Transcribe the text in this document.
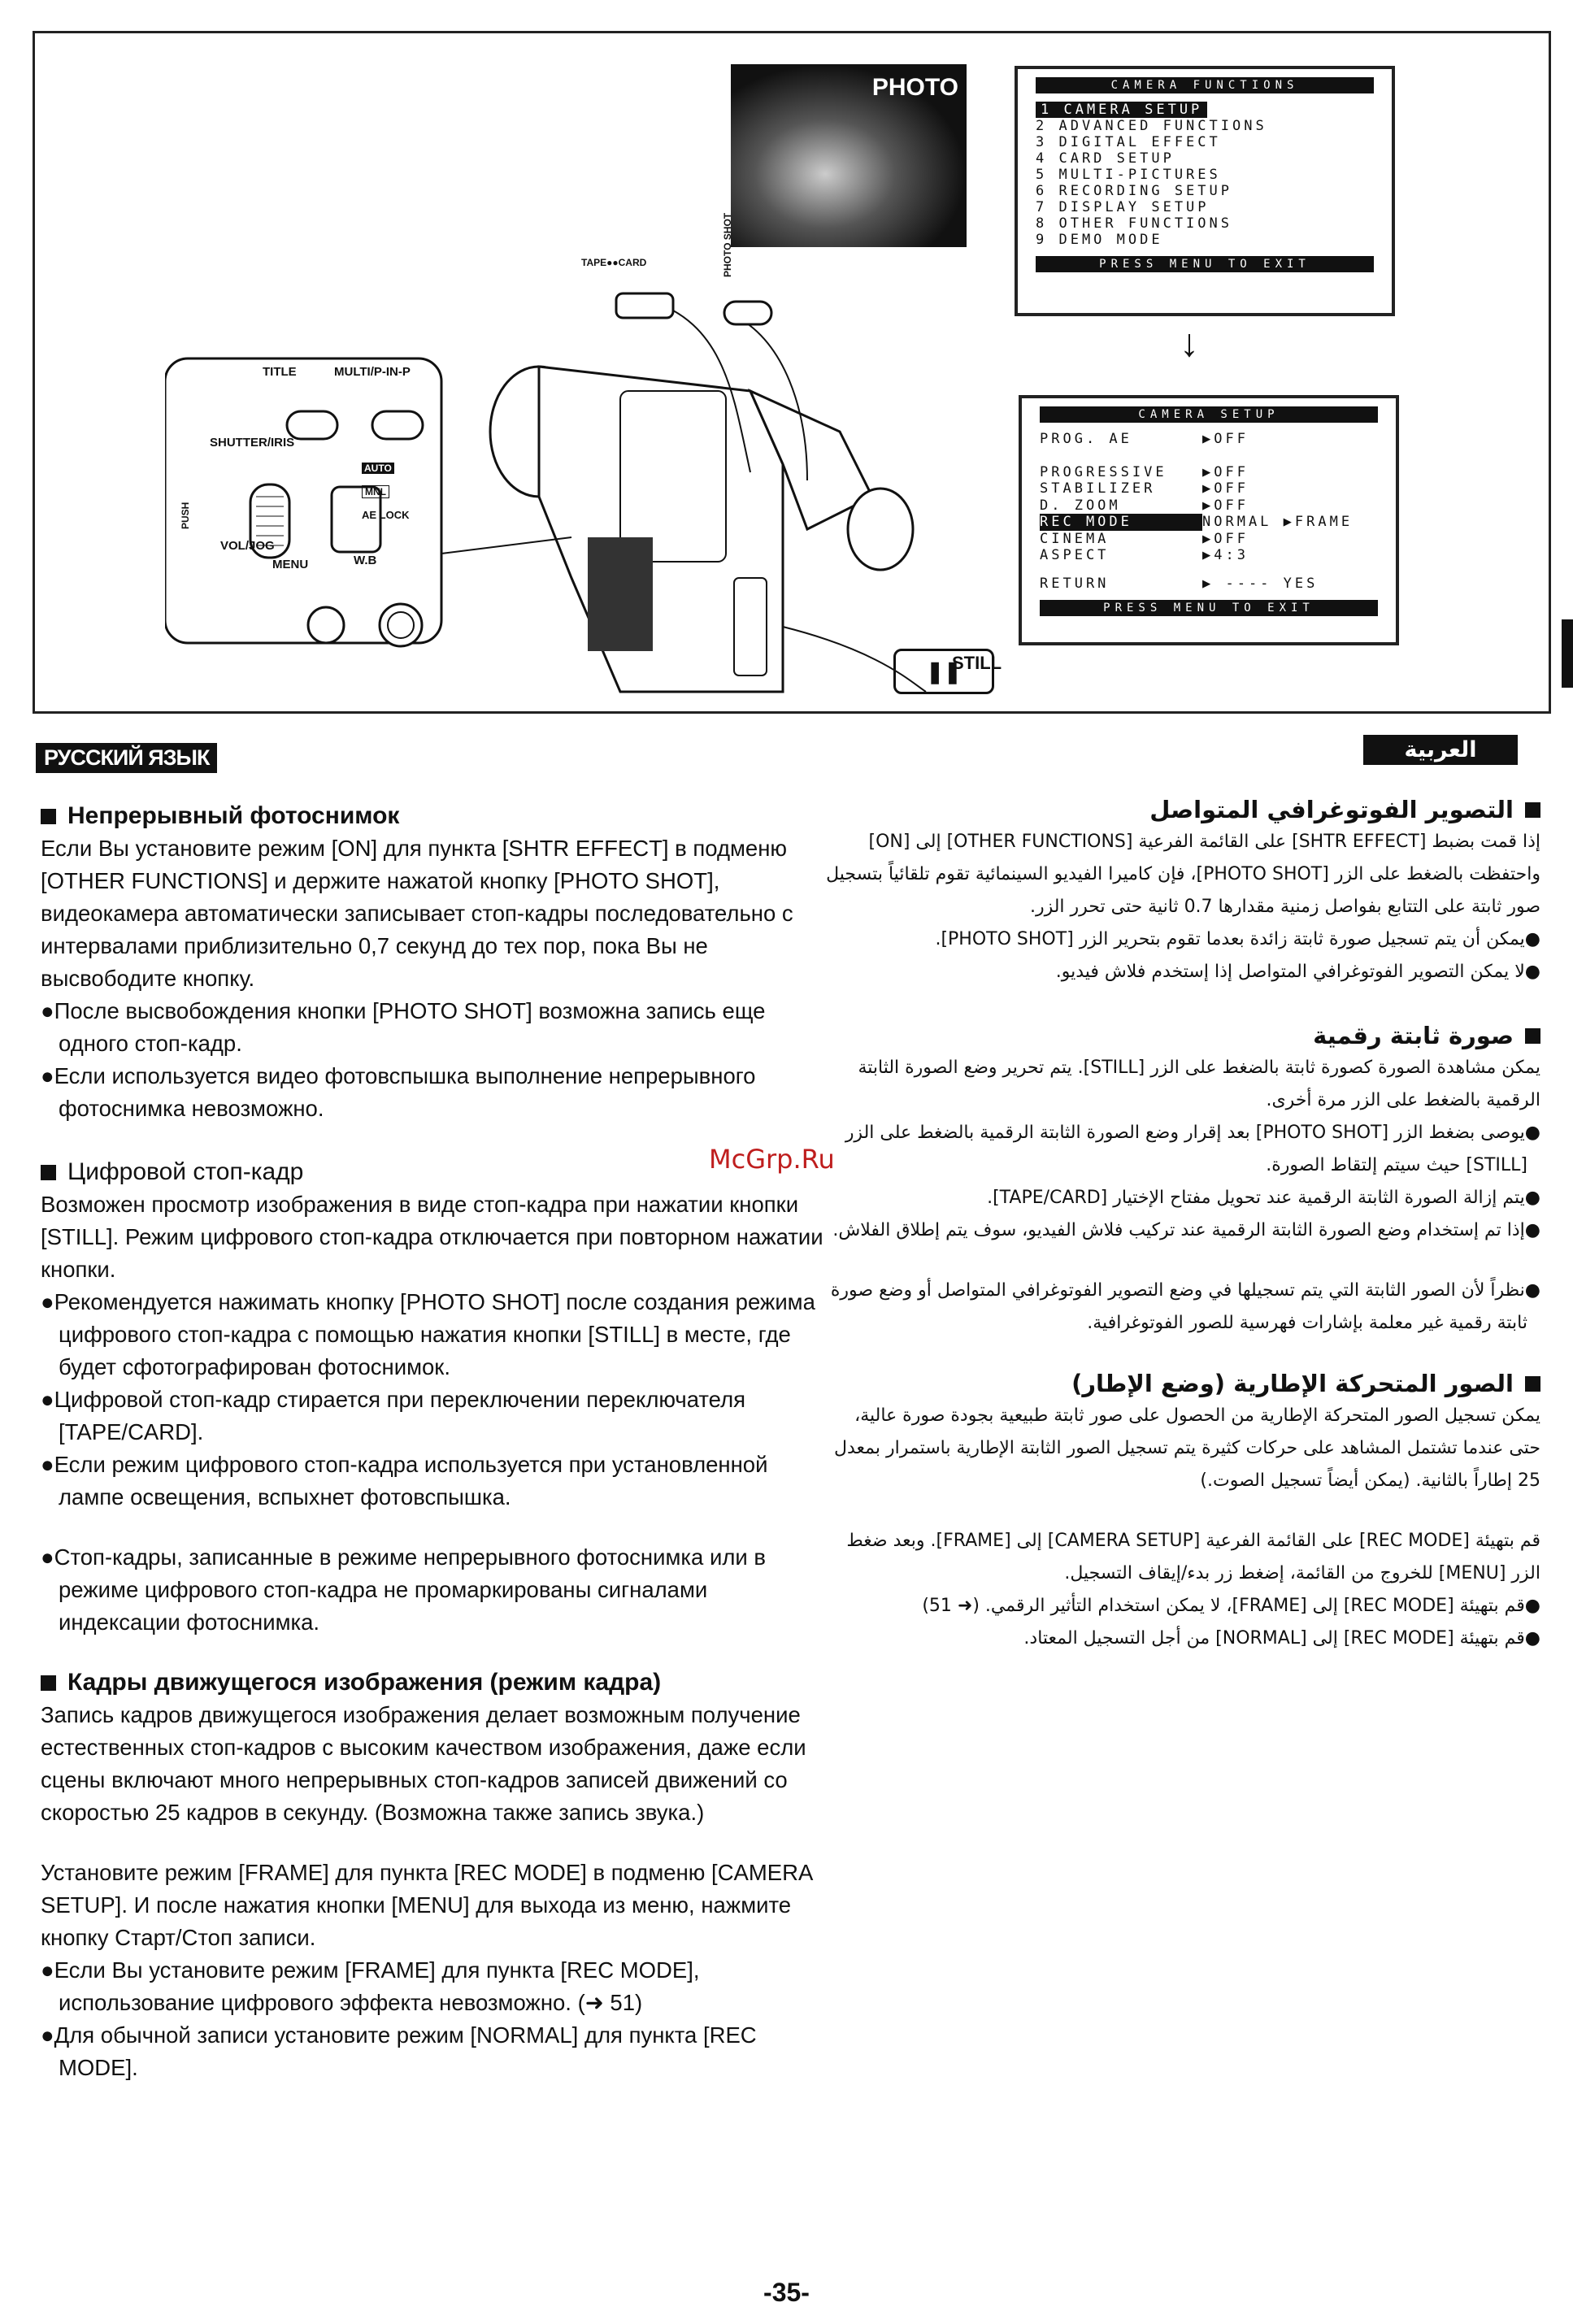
PHOTO	CAMERA FUNCTIONS
1 CAMERA SETUP
2 ADVANCED FUNCTIONS
3 DIGITAL EFFECT
4 CARD SETUP
5 MULTI-PICTURES
6 RECORDING SETUP
7 DISPLAY SETUP
8 OTHER FUNCTIONS
9 DEMO MODE
PRESS MENU TO EXIT
↓
CAMERA SETUP
PROG. AE	▶OFF
PROGRESSIVE	▶OFF
STABILIZER	▶OFF
D. ZOOM	▶OFF
REC MODE	NORMAL ▶FRAME
CINEMA	▶OFF
ASPECT	▶4:3
RETURN	▶ ---- YES
PRESS MENU TO EXIT
TAPE●●CARD	PHOTO SHOT
TITLE	MULTI/P-IN-P
SHUTTER/IRIS
PUSH
AUTO
MNL
AE LOCK
VOL/JOG
MENU	W.B
STILL
❚❚
РУССКИЙ ЯЗЫК	العربية
Непрерывный фотоснимок

Если Вы установите режим [ON] для пункта [SHTR EFFECT] в подменю [OTHER FUNCTIONS] и держите нажатой кнопку [PHOTO SHOT], видеокамера автоматически записывает стоп-кадры последовательно с интервалами приблизительно 0,7 секунд до тех пор, пока Вы не высвободите кнопку.

●После высвобождения кнопки [PHOTO SHOT] возможна запись еще одного стоп-кадр.

●Если используется видео фотовспышка выполнение непрерывного фотоснимка невозможно.

Цифровой стоп-кадр

Возможен просмотр изображения в виде стоп-кадра при нажатии кнопки [STILL]. Режим цифрового стоп-кадра отключается при повторном нажатии кнопки.

●Рекомендуется нажимать кнопку [PHOTO SHOT] после создания режима цифрового стоп-кадра с помощью нажатия кнопки [STILL] в месте, где будет сфотографирован фотоснимок.

●Цифровой стоп-кадр стирается при переключении переключателя [TAPE/CARD].

●Если режим цифрового стоп-кадра используется при установленной лампе освещения, вспыхнет фотовспышка.

●Стоп-кадры, записанные в режиме непрерывного фотоснимка или в режиме цифрового стоп-кадра не промаркированы сигналами индексации фотоснимка.

Кадры движущегося изображения (режим кадра)

Запись кадров движущегося изображения делает возможным получение естественных стоп-кадров с высоким качеством изображения, даже если сцены включают много непрерывных стоп-кадров записей движений со скоростью 25 кадров в секунду. (Возможна также запись звука.)

Установите режим [FRAME] для пункта [REC MODE] в подменю [CAMERA SETUP]. И после нажатия кнопки [MENU] для выхода из меню, нажмите кнопку Старт/Стоп записи.

●Если Вы установите режим [FRAME] для пункта [REC MODE], использование цифрового эффекта невозможно. (➜ 51)

●Для обычной записи установите режим [NORMAL] для пункта [REC MODE].

التصوير الفوتوغرافي المتواصل

إذا قمت بضبط [SHTR EFFECT] على القائمة الفرعية [OTHER FUNCTIONS] إلى [ON] واحتفظت بالضغط على الزر [PHOTO SHOT]، فإن كاميرا الفيديو السينمائية تقوم تلقائياً بتسجيل صور ثابتة على التتابع بفواصل زمنية مقدارها 0.7 ثانية حتى تحرر الزر.

●يمكن أن يتم تسجيل صورة ثابتة زائدة بعدما تقوم بتحرير الزر [PHOTO SHOT].

●لا يمكن التصوير الفوتوغرافي المتواصل إذا إستخدم فلاش فيديو.

صورة ثابتة رقمية

يمكن مشاهدة الصورة كصورة ثابتة بالضغط على الزر [STILL]. يتم تحرير وضع الصورة الثابتة الرقمية بالضغط على الزر مرة أخرى.

●يوصى بضغط الزر [PHOTO SHOT] بعد إقرار وضع الصورة الثابتة الرقمية بالضغط على الزر [STILL] حيث سيتم إلتقاط الصورة.

●يتم إزالة الصورة الثابتة الرقمية عند تحويل مفتاح الإختيار [TAPE/CARD].

●إذا تم إستخدام وضع الصورة الثابتة الرقمية عند تركيب فلاش الفيديو، سوف يتم إطلاق الفلاش.

●نظراً لأن الصور الثابتة التي يتم تسجيلها في وضع التصوير الفوتوغرافي المتواصل أو وضع صورة ثابتة رقمية غير معلمة بإشارات فهرسية للصور الفوتوغرافية.

الصور المتحركة الإطارية (وضع الإطار)

يمكن تسجيل الصور المتحركة الإطارية من الحصول على صور ثابتة طبيعية بجودة صورة عالية، حتى عندما تشتمل المشاهد على حركات كثيرة يتم تسجيل الصور الثابتة الإطارية باستمرار بمعدل 25 إطاراً بالثانية. (يمكن أيضاً تسجيل الصوت.)

قم بتهيئة [REC MODE] على القائمة الفرعية [CAMERA SETUP] إلى [FRAME]. وبعد ضغط الزر [MENU] للخروج من القائمة، إضغط زر بدء/إيقاف التسجيل.

●قم بتهيئة [REC MODE] إلى [FRAME]، لا يمكن استخدام التأثير الرقمي. (➜ 51)

●قم بتهيئة [REC MODE] إلى [NORMAL] من أجل التسجيل المعتاد.

McGrp.Ru
-35-
